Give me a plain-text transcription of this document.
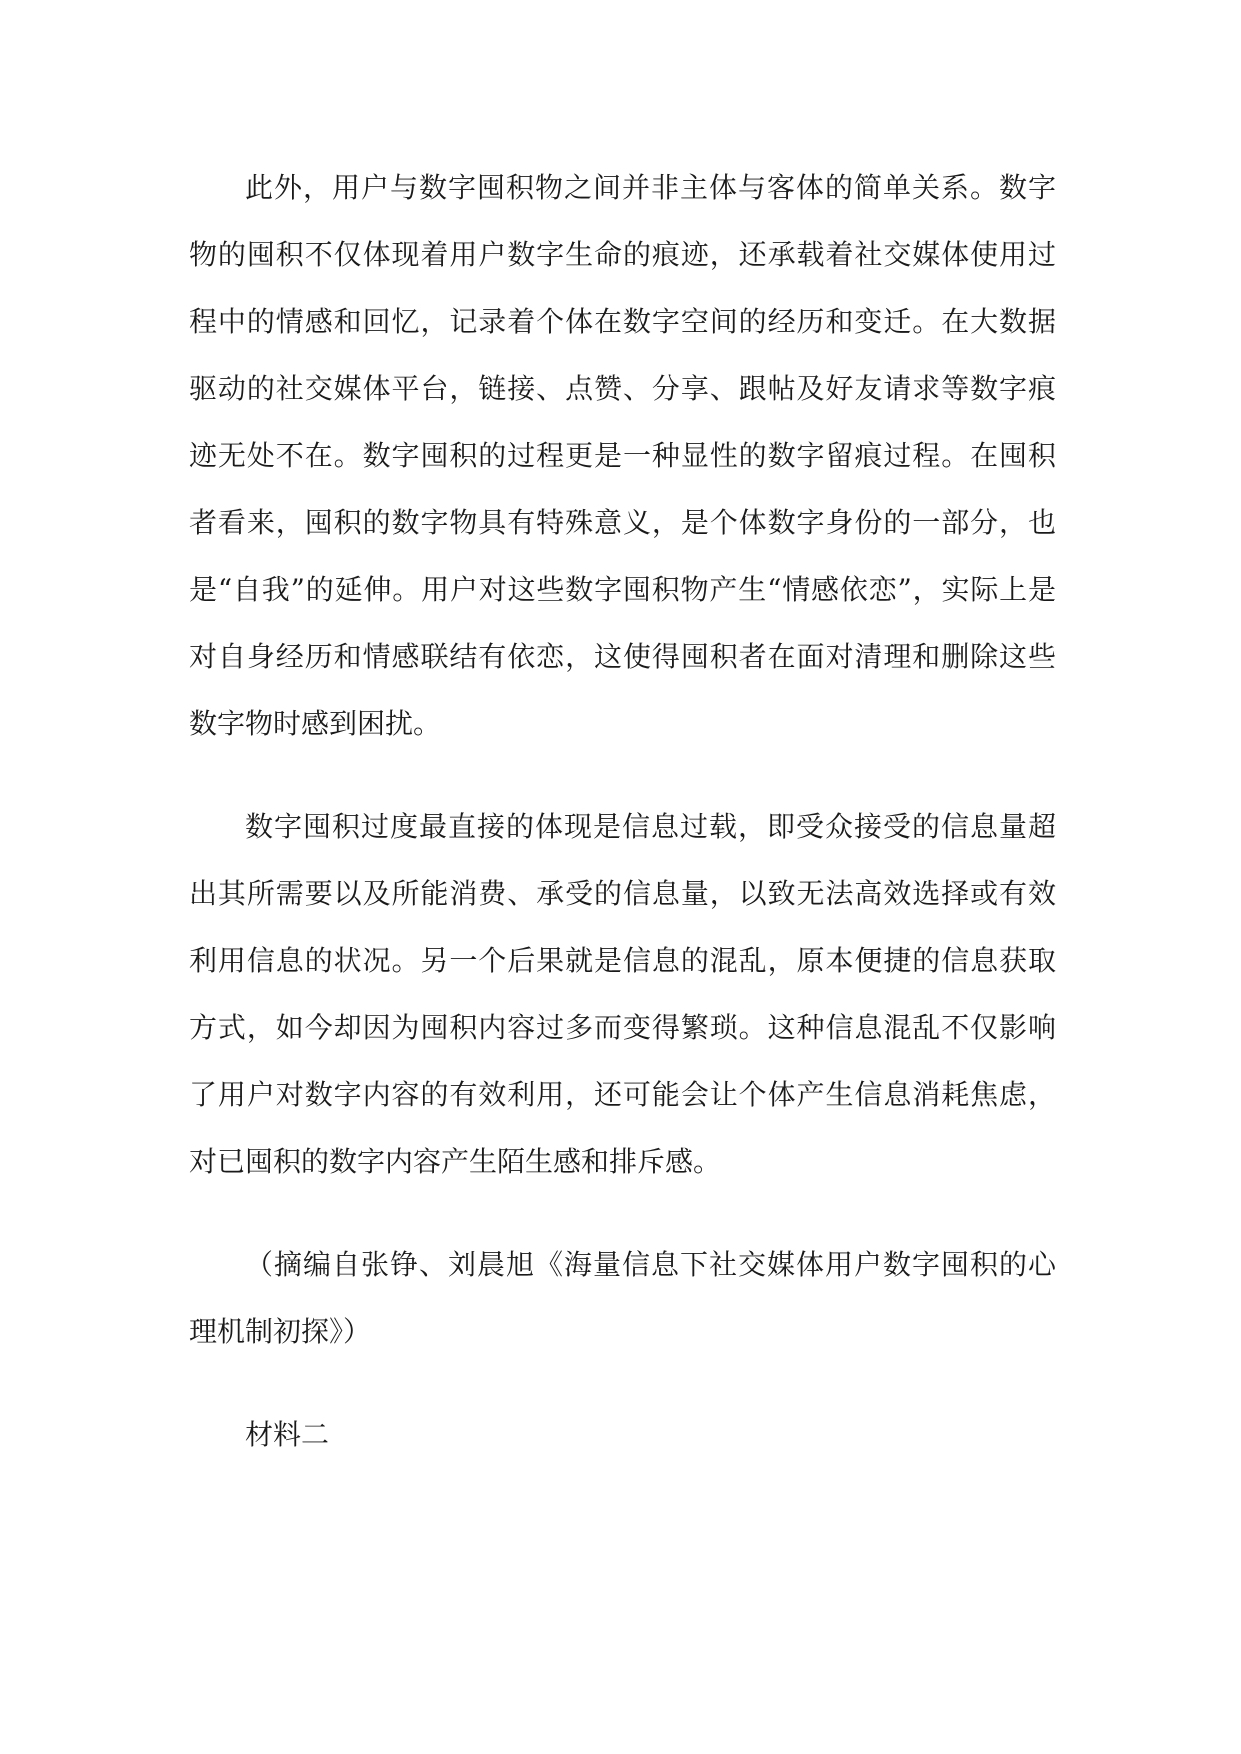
此外，用户与数字囤积物之间并非主体与客体的简单关系。数字物的囤积不仅体现着用户数字生命的痕迹，还承载着社交媒体使用过程中的情感和回忆，记录着个体在数字空间的经历和变迁。在大数据驱动的社交媒体平台，链接、点赞、分享、跟帖及好友请求等数字痕迹无处不在。数字囤积的过程更是一种显性的数字留痕过程。在囤积者看来，囤积的数字物具有特殊意义，是个体数字身份的一部分，也是“自我”的延伸。用户对这些数字囤积物产生“情感依恋”，实际上是对自身经历和情感联结有依恋，这使得囤积者在面对清理和删除这些数字物时感到困扰。

数字囤积过度最直接的体现是信息过载，即受众接受的信息量超出其所需要以及所能消费、承受的信息量，以致无法高效选择或有效利用信息的状况。另一个后果就是信息的混乱，原本便捷的信息获取方式，如今却因为囤积内容过多而变得繁琐。这种信息混乱不仅影响了用户对数字内容的有效利用，还可能会让个体产生信息消耗焦虑，对已囤积的数字内容产生陌生感和排斥感。

（摘编自张铮、刘晨旭《海量信息下社交媒体用户数字囤积的心理机制初探》）

材料二
